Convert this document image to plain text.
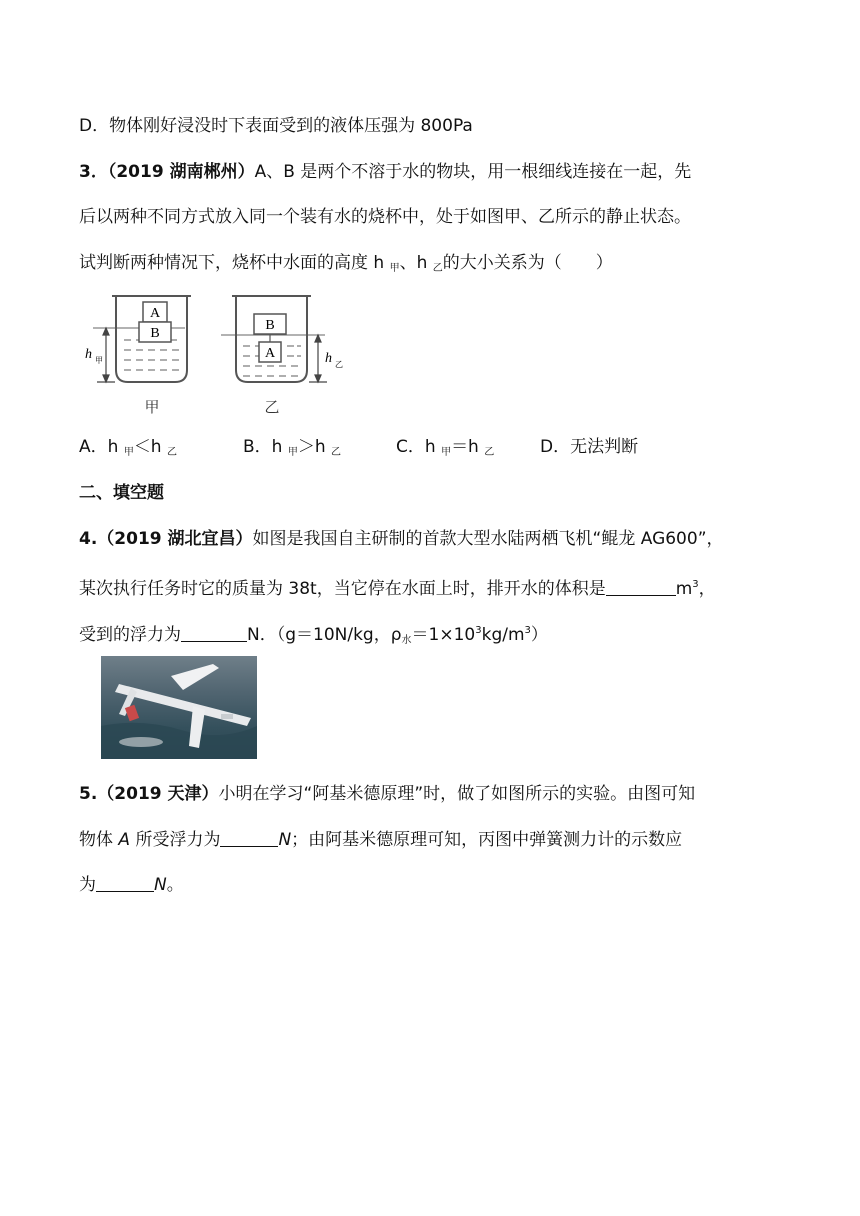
D．物体刚好浸没时下表面受到的液体压强为 800Pa
3．（2019 湖南郴州）A、B 是两个不溶于水的物块，用一根细线连接在一起，先
后以两种不同方式放入同一个装有水的烧杯中，处于如图甲、乙所示的静止状态。
试判断两种情况下，烧杯中水面的高度 h $_甲$、h $_乙$的大小关系为（　　）
A
B
h 甲
B
A	h 乙
甲	乙
A．h $_甲$＜h $_乙$	B．h $_甲$＞h $_乙$	C．h $_甲$＝h $_乙$	D．无法判断
二、填空题
4.（2019 湖北宜昌）如图是我国自主研制的首款大型水陆两栖飞机“鲲龙 AG600”，
某次执行任务时它的质量为 38t，当它停在水面上时，排开水的体积是	$m^3$，
受到的浮力为	N．（g＝10N/kg，$\rho_水=1\times 10^3kg/m^3$）
5.（2019 天津）小明在学习“阿基米德原理”时，做了如图所示的实验。由图可知
物体 A 所受浮力为	N；由阿基米德原理可知，丙图中弹簧测力计的示数应
为	N。
